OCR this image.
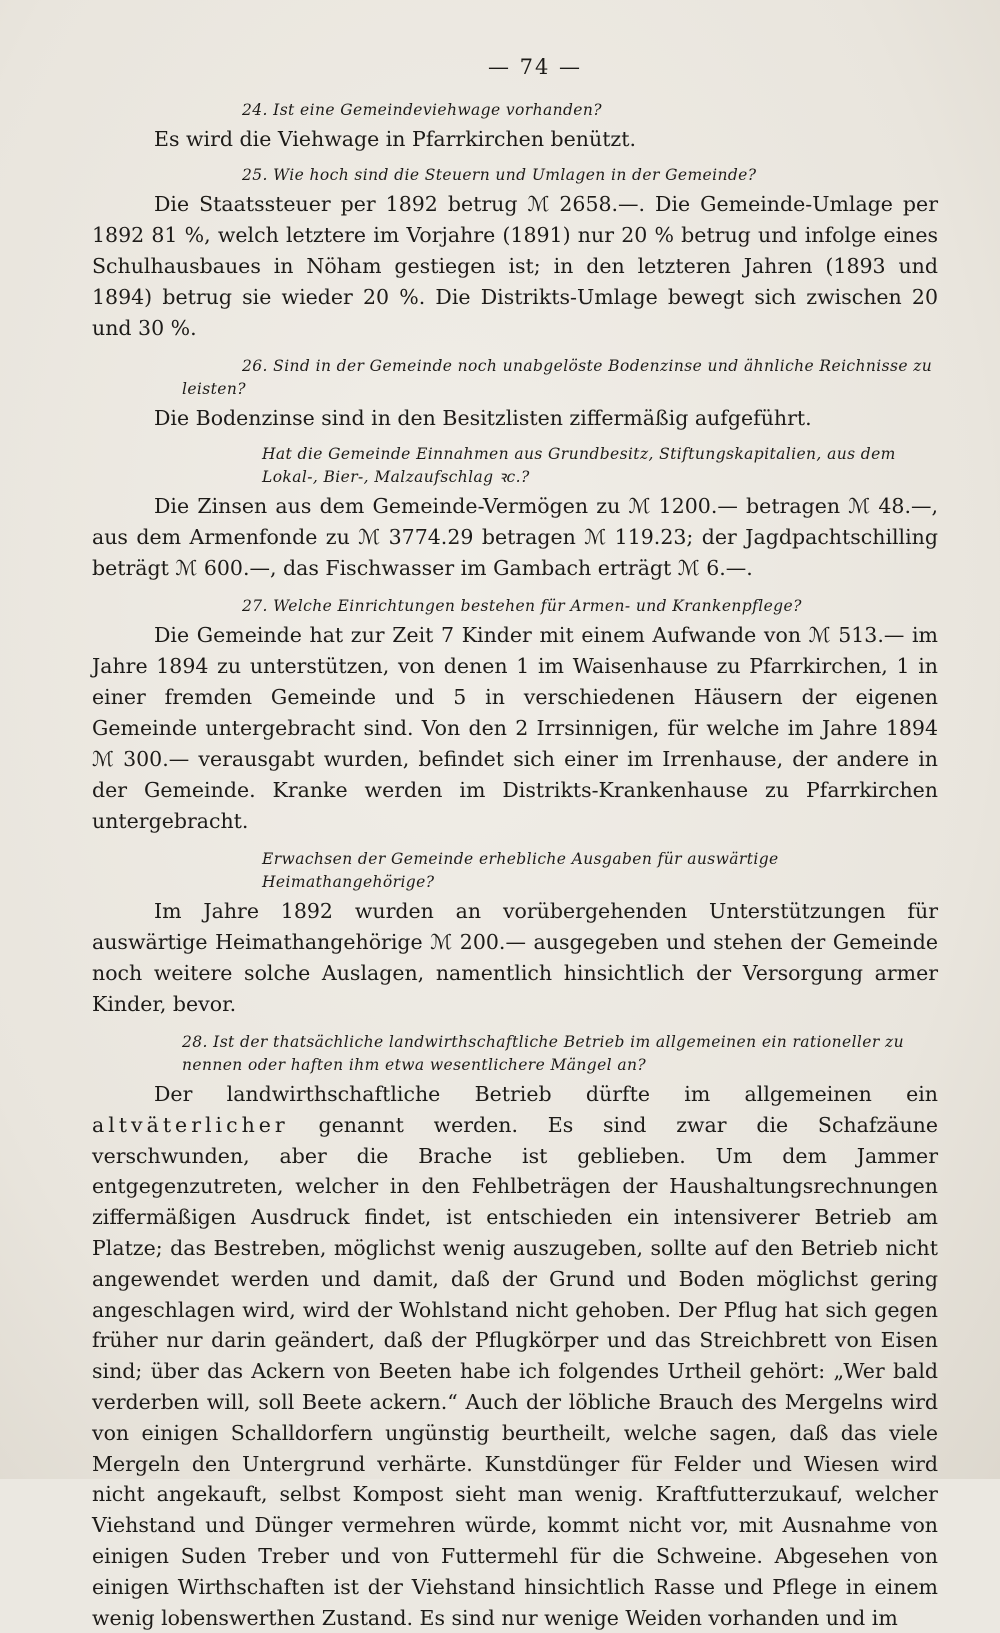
— 74 —

24. Ist eine Gemeindeviehwage vorhanden?

Es wird die Viehwage in Pfarrkirchen benützt.

25. Wie hoch sind die Steuern und Umlagen in der Gemeinde?

Die Staatssteuer per 1892 betrug ℳ 2658.—. Die Gemeinde-Umlage per 1892 81 %, welch letztere im Vorjahre (1891) nur 20 % betrug und infolge eines Schulhausbaues in Nöham gestiegen ist; in den letzteren Jahren (1893 und 1894) betrug sie wieder 20 %. Die Distrikts-Umlage bewegt sich zwischen 20 und 30 %.

26. Sind in der Gemeinde noch unabgelöste Bodenzinse und ähnliche Reichnisse zu leisten?

Die Bodenzinse sind in den Besitzlisten ziffermäßig aufgeführt.

Hat die Gemeinde Einnahmen aus Grundbesitz, Stiftungskapitalien, aus dem Lokal-, Bier-, Malzaufschlag ꝛc.?

Die Zinsen aus dem Gemeinde-Vermögen zu ℳ 1200.— betragen ℳ 48.—, aus dem Armenfonde zu ℳ 3774.29 betragen ℳ 119.23; der Jagdpachtschilling beträgt ℳ 600.—, das Fischwasser im Gambach erträgt ℳ 6.—.

27. Welche Einrichtungen bestehen für Armen- und Krankenpflege?

Die Gemeinde hat zur Zeit 7 Kinder mit einem Aufwande von ℳ 513.— im Jahre 1894 zu unterstützen, von denen 1 im Waisenhause zu Pfarrkirchen, 1 in einer fremden Gemeinde und 5 in verschiedenen Häusern der eigenen Gemeinde untergebracht sind. Von den 2 Irrsinnigen, für welche im Jahre 1894 ℳ 300.— verausgabt wurden, befindet sich einer im Irrenhause, der andere in der Gemeinde. Kranke werden im Distrikts-Krankenhause zu Pfarrkirchen untergebracht.

Erwachsen der Gemeinde erhebliche Ausgaben für auswärtige Heimathangehörige?

Im Jahre 1892 wurden an vorübergehenden Unterstützungen für auswärtige Heimathangehörige ℳ 200.— ausgegeben und stehen der Gemeinde noch weitere solche Auslagen, namentlich hinsichtlich der Versorgung armer Kinder, bevor.

28. Ist der thatsächliche landwirthschaftliche Betrieb im allgemeinen ein rationeller zu nennen oder haften ihm etwa wesentlichere Mängel an?

Der landwirthschaftliche Betrieb dürfte im allgemeinen ein altväterlicher genannt werden. Es sind zwar die Schafzäune verschwunden, aber die Brache ist geblieben. Um dem Jammer entgegenzutreten, welcher in den Fehlbeträgen der Haushaltungsrechnungen ziffermäßigen Ausdruck findet, ist entschieden ein intensiverer Betrieb am Platze; das Bestreben, möglichst wenig auszugeben, sollte auf den Betrieb nicht angewendet werden und damit, daß der Grund und Boden möglichst gering angeschlagen wird, wird der Wohlstand nicht gehoben. Der Pflug hat sich gegen früher nur darin geändert, daß der Pflugkörper und das Streichbrett von Eisen sind; über das Ackern von Beeten habe ich folgendes Urtheil gehört: „Wer bald verderben will, soll Beete ackern.“ Auch der löbliche Brauch des Mergelns wird von einigen Schalldorfern ungünstig beurtheilt, welche sagen, daß das viele Mergeln den Untergrund verhärte. Kunstdünger für Felder und Wiesen wird nicht angekauft, selbst Kompost sieht man wenig. Kraftfutterzukauf, welcher Viehstand und Dünger vermehren würde, kommt nicht vor, mit Ausnahme von einigen Suden Treber und von Futtermehl für die Schweine. Abgesehen von einigen Wirthschaften ist der Viehstand hinsichtlich Rasse und Pflege in einem wenig lobenswerthen Zustand. Es sind nur wenige Weiden vorhanden und im
